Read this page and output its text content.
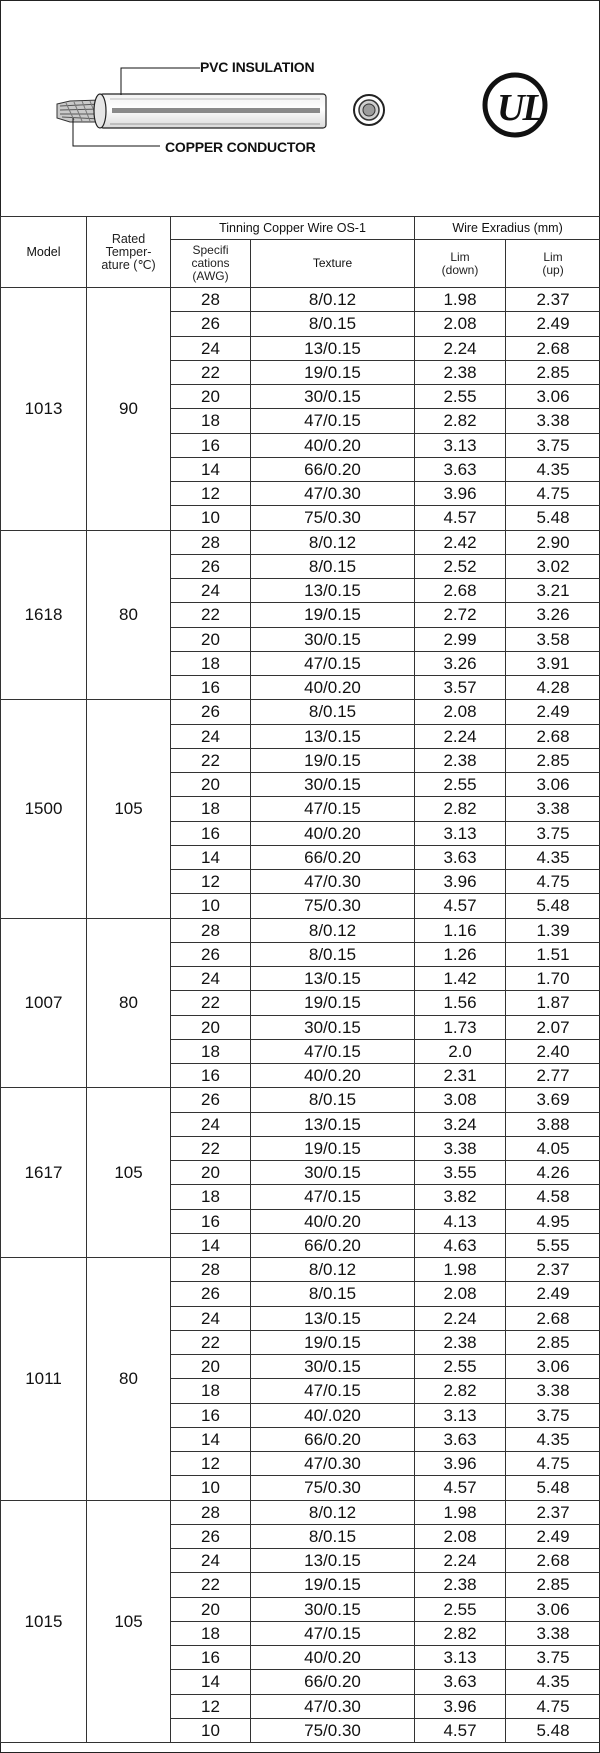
UL
PVC INSULATION
COPPER CONDUCTOR
Model	Rated Temper- ature (℃)	Tinning Copper Wire OS-1		Wire Exradius (mm)	
		Specifi cations (AWG)	Texture	Lim (down)	Lim (up)
1013	90	28	8/0.12	1.98	2.37
		26	8/0.15	2.08	2.49
		24	13/0.15	2.24	2.68
		22	19/0.15	2.38	2.85
		20	30/0.15	2.55	3.06
		18	47/0.15	2.82	3.38
		16	40/0.20	3.13	3.75
		14	66/0.20	3.63	4.35
		12	47/0.30	3.96	4.75
		10	75/0.30	4.57	5.48
1618	80	28	8/0.12	2.42	2.90
		26	8/0.15	2.52	3.02
		24	13/0.15	2.68	3.21
		22	19/0.15	2.72	3.26
		20	30/0.15	2.99	3.58
		18	47/0.15	3.26	3.91
		16	40/0.20	3.57	4.28
1500	105	26	8/0.15	2.08	2.49
		24	13/0.15	2.24	2.68
		22	19/0.15	2.38	2.85
		20	30/0.15	2.55	3.06
		18	47/0.15	2.82	3.38
		16	40/0.20	3.13	3.75
		14	66/0.20	3.63	4.35
		12	47/0.30	3.96	4.75
		10	75/0.30	4.57	5.48
1007	80	28	8/0.12	1.16	1.39
		26	8/0.15	1.26	1.51
		24	13/0.15	1.42	1.70
		22	19/0.15	1.56	1.87
		20	30/0.15	1.73	2.07
		18	47/0.15	2.0	2.40
		16	40/0.20	2.31	2.77
1617	105	26	8/0.15	3.08	3.69
		24	13/0.15	3.24	3.88
		22	19/0.15	3.38	4.05
		20	30/0.15	3.55	4.26
		18	47/0.15	3.82	4.58
		16	40/0.20	4.13	4.95
		14	66/0.20	4.63	5.55
1011	80	28	8/0.12	1.98	2.37
		26	8/0.15	2.08	2.49
		24	13/0.15	2.24	2.68
		22	19/0.15	2.38	2.85
		20	30/0.15	2.55	3.06
		18	47/0.15	2.82	3.38
		16	40/.020	3.13	3.75
		14	66/0.20	3.63	4.35
		12	47/0.30	3.96	4.75
		10	75/0.30	4.57	5.48
1015	105	28	8/0.12	1.98	2.37
		26	8/0.15	2.08	2.49
		24	13/0.15	2.24	2.68
		22	19/0.15	2.38	2.85
		20	30/0.15	2.55	3.06
		18	47/0.15	2.82	3.38
		16	40/0.20	3.13	3.75
		14	66/0.20	3.63	4.35
		12	47/0.30	3.96	4.75
		10	75/0.30	4.57	5.48
